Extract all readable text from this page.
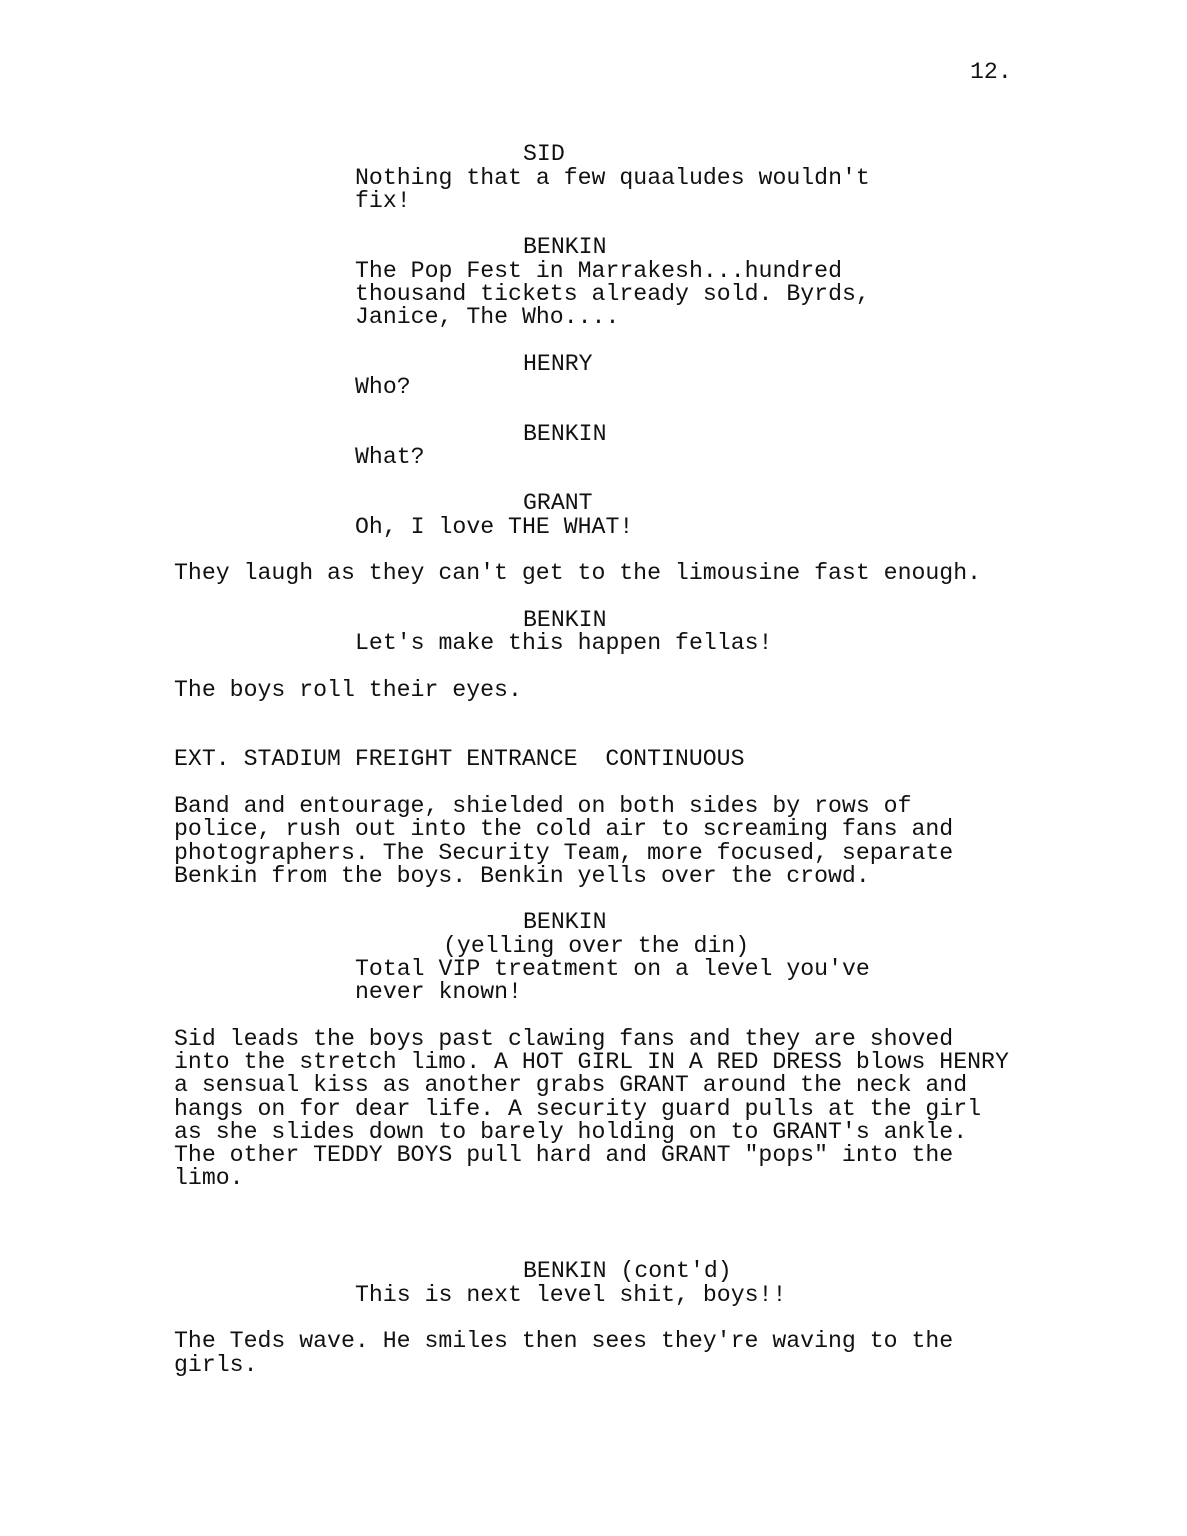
12.
SID
Nothing that a few quaaludes wouldn't
fix!
BENKIN
The Pop Fest in Marrakesh...hundred
thousand tickets already sold. Byrds,
Janice, The Who....
HENRY
Who?
BENKIN
What?
GRANT
Oh, I love THE WHAT!
They laugh as they can't get to the limousine fast enough.
BENKIN
Let's make this happen fellas!
The boys roll their eyes.
EXT. STADIUM FREIGHT ENTRANCE  CONTINUOUS
Band and entourage, shielded on both sides by rows of
police, rush out into the cold air to screaming fans and
photographers. The Security Team, more focused, separate
Benkin from the boys. Benkin yells over the crowd.
BENKIN
(yelling over the din)
Total VIP treatment on a level you've
never known!
Sid leads the boys past clawing fans and they are shoved
into the stretch limo. A HOT GIRL IN A RED DRESS blows HENRY
a sensual kiss as another grabs GRANT around the neck and
hangs on for dear life. A security guard pulls at the girl
as she slides down to barely holding on to GRANT's ankle.
The other TEDDY BOYS pull hard and GRANT "pops" into the
limo.
BENKIN (cont'd)
This is next level shit, boys!!
The Teds wave. He smiles then sees they're waving to the
girls.
